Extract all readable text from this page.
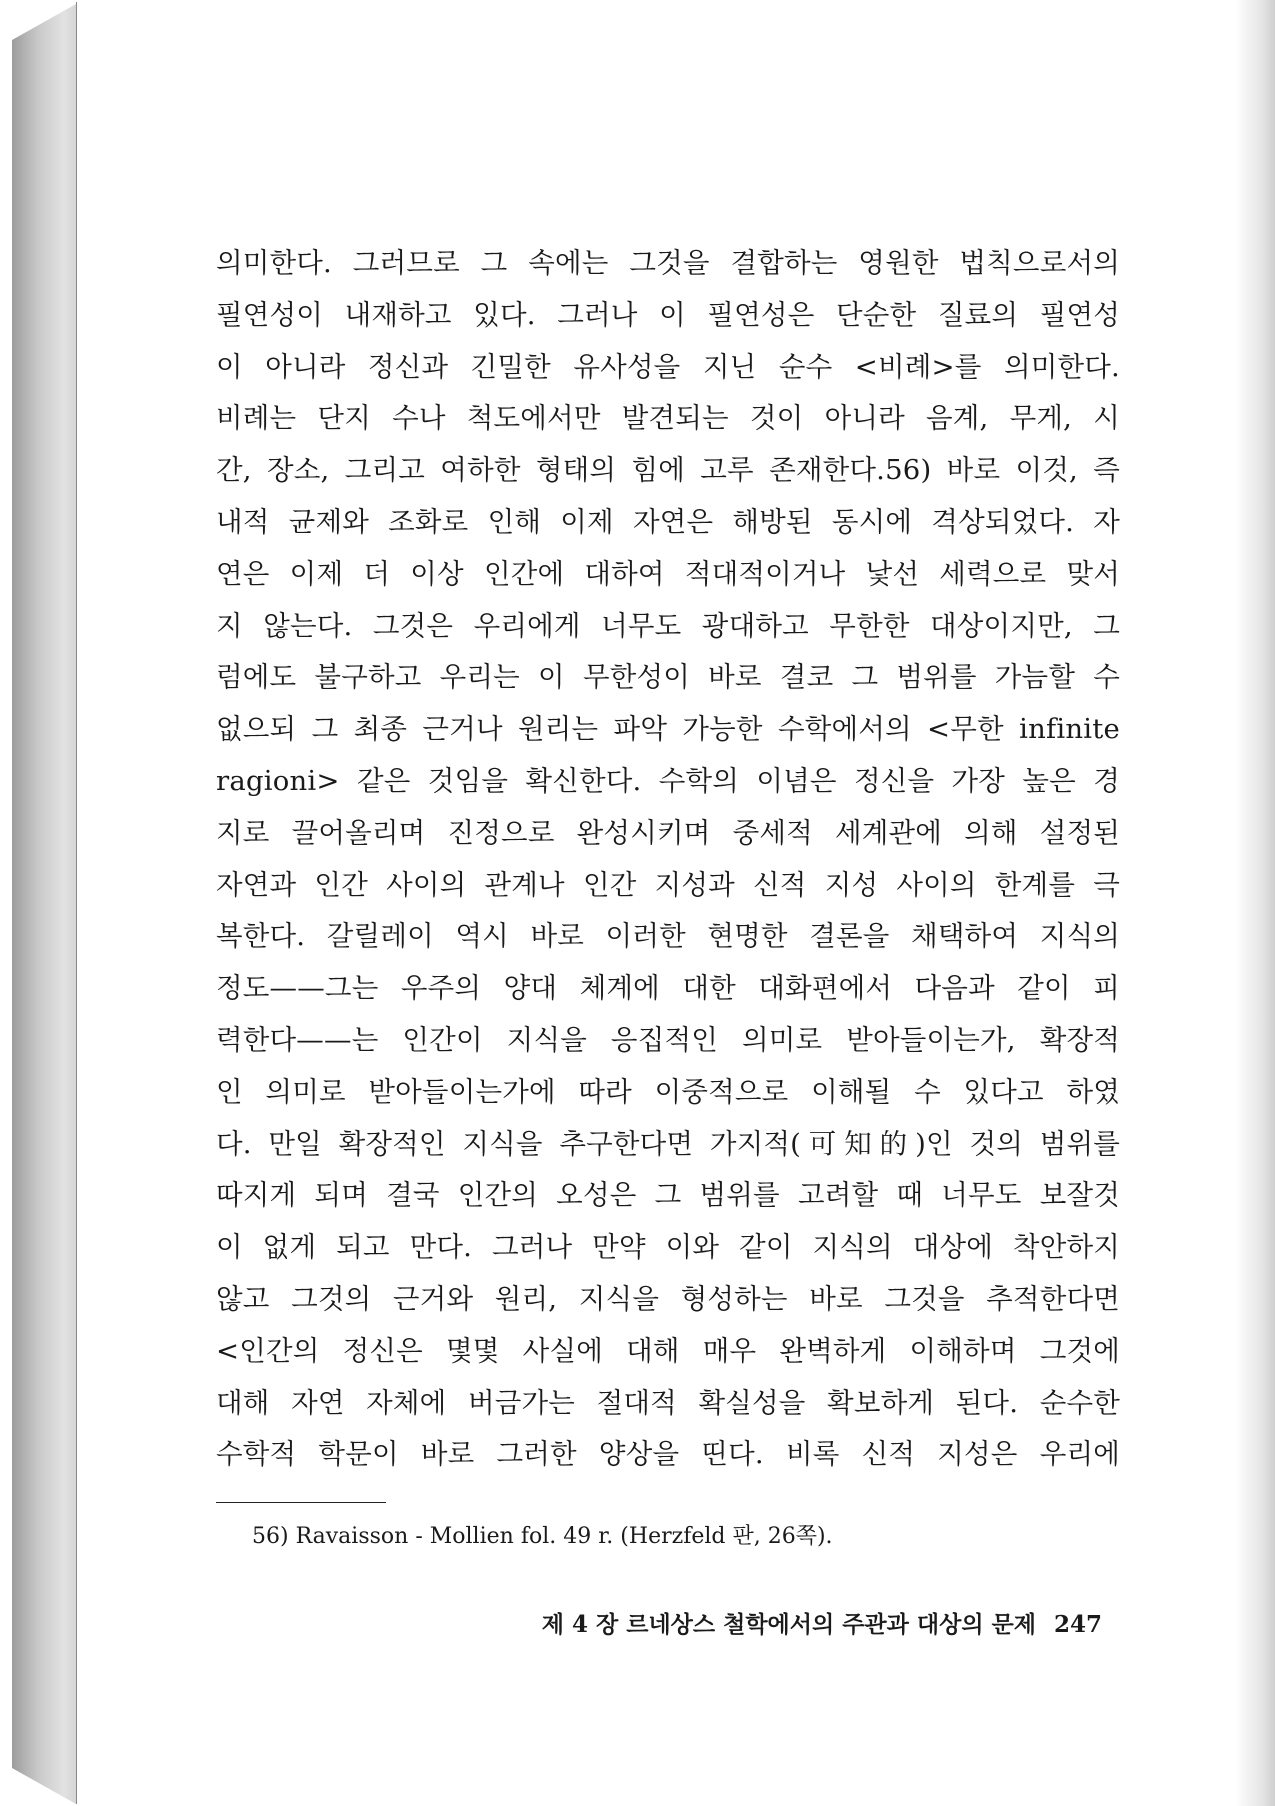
의미한다. 그러므로 그 속에는 그것을 결합하는 영원한 법칙으로서의
필연성이 내재하고 있다. 그러나 이 필연성은 단순한 질료의 필연성
이 아니라 정신과 긴밀한 유사성을 지닌 순수 <비례>를 의미한다.
비례는 단지 수나 척도에서만 발견되는 것이 아니라 음계, 무게, 시
간, 장소, 그리고 여하한 형태의 힘에 고루 존재한다.56) 바로 이것, 즉
내적 균제와 조화로 인해 이제 자연은 해방된 동시에 격상되었다. 자
연은 이제 더 이상 인간에 대하여 적대적이거나 낯선 세력으로 맞서
지 않는다. 그것은 우리에게 너무도 광대하고 무한한 대상이지만, 그
럼에도 불구하고 우리는 이 무한성이 바로 결코 그 범위를 가늠할 수
없으되 그 최종 근거나 원리는 파악 가능한 수학에서의 <무한 infinite
ragioni> 같은 것임을 확신한다. 수학의 이념은 정신을 가장 높은 경
지로 끌어올리며 진정으로 완성시키며 중세적 세계관에 의해 설정된
자연과 인간 사이의 관계나 인간 지성과 신적 지성 사이의 한계를 극
복한다. 갈릴레이 역시 바로 이러한 현명한 결론을 채택하여 지식의
정도——그는 우주의 양대 체계에 대한 대화편에서 다음과 같이 피
력한다——는 인간이 지식을 응집적인 의미로 받아들이는가, 확장적
인 의미로 받아들이는가에 따라 이중적으로 이해될 수 있다고 하였
다. 만일 확장적인 지식을 추구한다면 가지적(可知的)인 것의 범위를
따지게 되며 결국 인간의 오성은 그 범위를 고려할 때 너무도 보잘것
이 없게 되고 만다. 그러나 만약 이와 같이 지식의 대상에 착안하지
않고 그것의 근거와 원리, 지식을 형성하는 바로 그것을 추적한다면
<인간의 정신은 몇몇 사실에 대해 매우 완벽하게 이해하며 그것에
대해 자연 자체에 버금가는 절대적 확실성을 확보하게 된다. 순수한
수학적 학문이 바로 그러한 양상을 띤다. 비록 신적 지성은 우리에
56) Ravaisson - Mollien fol. 49 r. (Herzfeld 판, 26쪽).
제 4 장 르네상스 철학에서의 주관과 대상의 문제 247
